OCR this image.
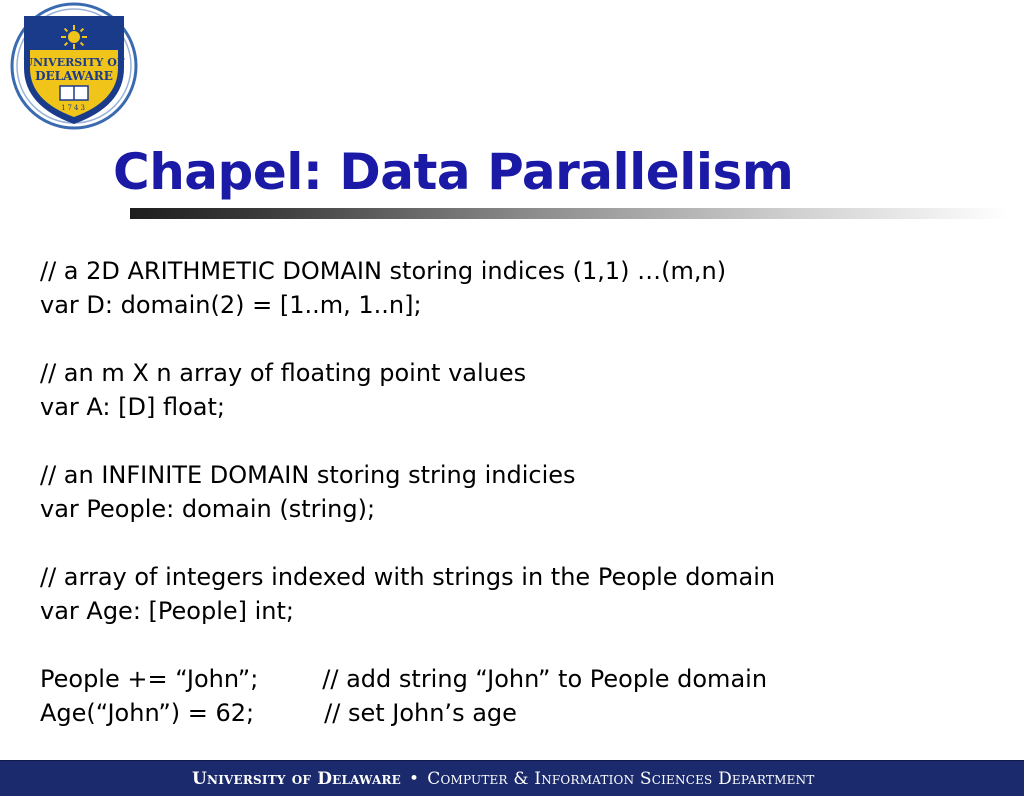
UNIVERSITY OF
DELAWARE
1743
Chapel: Data Parallelism
// a 2D ARITHMETIC DOMAIN storing indices (1,1) …(m,n)
var D: domain(2) = [1..m, 1..n];
// an m X n array of floating point values
var A: [D] float;
// an INFINITE DOMAIN storing string indicies
var People: domain (string);
// array of integers indexed with strings in the People domain
var Age: [People] int;
People += “John”;	// add string “John” to People domain
Age(“John”) = 62;	// set John’s age
University of Delaware • Computer & Information Sciences Department
